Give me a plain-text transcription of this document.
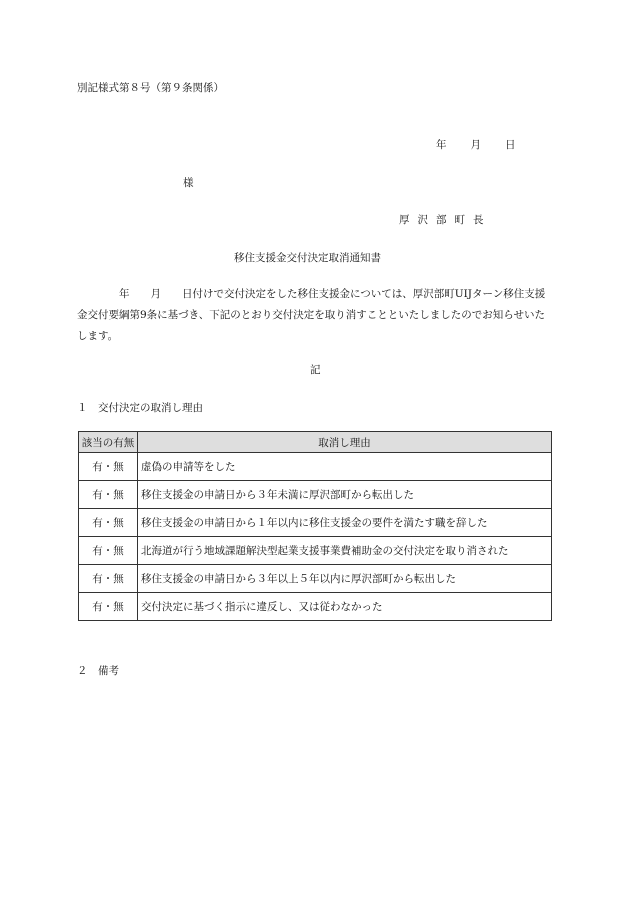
別記様式第８号（第９条関係）
年 月 日
様
厚沢部町長
移住支援金交付決定取消通知書
　　　　年　　月　　日付けで交付決定をした移住支援金については、厚沢部町UIJターン移住支援金交付要綱第9条に基づき、下記のとおり交付決定を取り消すことといたしましたのでお知らせいたします。
記
１　交付決定の取消し理由
該当の有無	取消し理由
有・無	虚偽の申請等をした
有・無	移住支援金の申請日から３年未満に厚沢部町から転出した
有・無	移住支援金の申請日から１年以内に移住支援金の要件を満たす職を辞した
有・無	北海道が行う地域課題解決型起業支援事業費補助金の交付決定を取り消された
有・無	移住支援金の申請日から３年以上５年以内に厚沢部町から転出した
有・無	交付決定に基づく指示に違反し、又は従わなかった
２　備考
